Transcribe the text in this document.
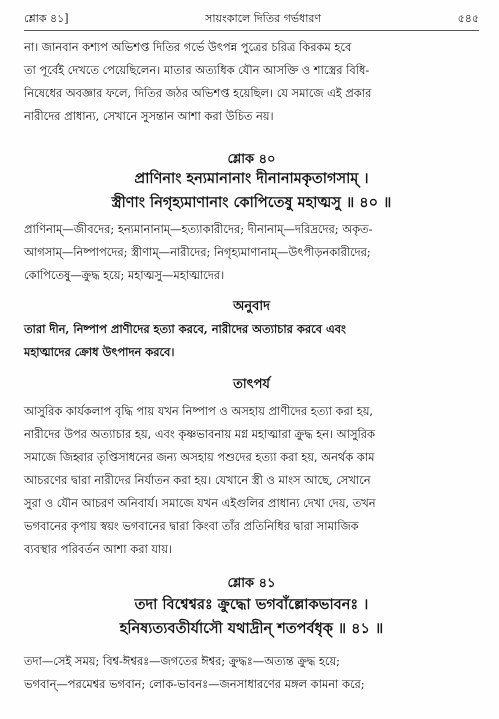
শ্লোক ৪১]	সায়ংকালে দিতির গর্ভধারণ	৫৪৫

না। জানবান কশ্যপ অভিশপ্ত দিতির গর্ভে উৎপন্ন পুত্রের চরিত্র কিরকম হবে

তা পূর্বেই দেখতে পেয়েছিলেন। মাতার অত্যধিক যৌন আসক্তি ও শাস্ত্রের বিধি-

নিষেধের অবজ্ঞার ফলে, দিতির জঠর অভিশপ্ত হয়েছিল। যে সমাজে এই প্রকার

নারীদের প্রাধান্য, সেখানে সুসন্তান আশা করা উচিত নয়।

শ্লোক ৪০
প্রাণিনাং হন্যমানানাং দীনানামকৃতাগসাম্ ।
স্ত্রীণাং নিগৃহ্যমাণানাং কোপিতেষু মহাত্মসু ॥ ৪০ ॥

প্রাণিনাম্—জীবদের; হন্যমানানাম্—হত্যাকারীদের; দীনানাম্—দরিদ্রদের; অকৃত-

আগসাম্—নিষ্পাপদের; স্ত্রীণাম্—নারীদের; নিগৃহ্যমাণানাম্—উৎপীড়নকারীদের;

কোপিতেষু—ক্রুদ্ধ হয়ে; মহাত্মসু—মহাত্মাদের।

অনুবাদ

তারা দীন, নিষ্পাপ প্রাণীদের হত্যা করবে, নারীদের অত্যাচার করবে এবং

মহাত্মাদের ক্রোধ উৎপাদন করবে।

তাৎপর্য

আসুরিক কার্যকলাপ বৃদ্ধি পায় যখন নিষ্পাপ ও অসহায় প্রাণীদের হত্যা করা হয়,

নারীদের উপর অত্যাচার হয়, এবং কৃষ্ণভাবনায় মগ্ন মহাত্মারা ক্রুদ্ধ হন। আসুরিক

সমাজে জিহ্বার তৃপ্তিসাধনের জন্য অসহায় পশুদের হত্যা করা হয়, অনর্থক কাম

আচরণের দ্বারা নারীদের নির্যাতন করা হয়। যেখানে স্ত্রী ও মাংস আছে, সেখানে

সুরা ও যৌন আচরণ অনিবার্য। সমাজে যখন এইগুলির প্রাধান্য দেখা দেয়, তখন

ভগবানের কৃপায় স্বয়ং ভগবানের দ্বারা কিংবা তাঁর প্রতিনিধির দ্বারা সামাজিক

ব্যবস্থার পরিবর্তন আশা করা যায়।

শ্লোক ৪১
তদা বিশ্বেশ্বরঃ ক্রুদ্ধো ভগবাঁল্লোকভাবনঃ ।
হনিষ্যত্যবতীর্যাসৌ যথাদ্রীন্ শতপর্বধৃক্ ॥ ৪১ ॥

তদা—সেই সময়; বিশ্ব-ঈশ্বরঃ—জগতের ঈশ্বর; ক্রুদ্ধঃ—অত্যন্ত ক্রুদ্ধ হয়ে;

ভগবান্—পরমেশ্বর ভগবান; লোক-ভাবনঃ—জনসাধারণের মঙ্গল কামনা করে;
